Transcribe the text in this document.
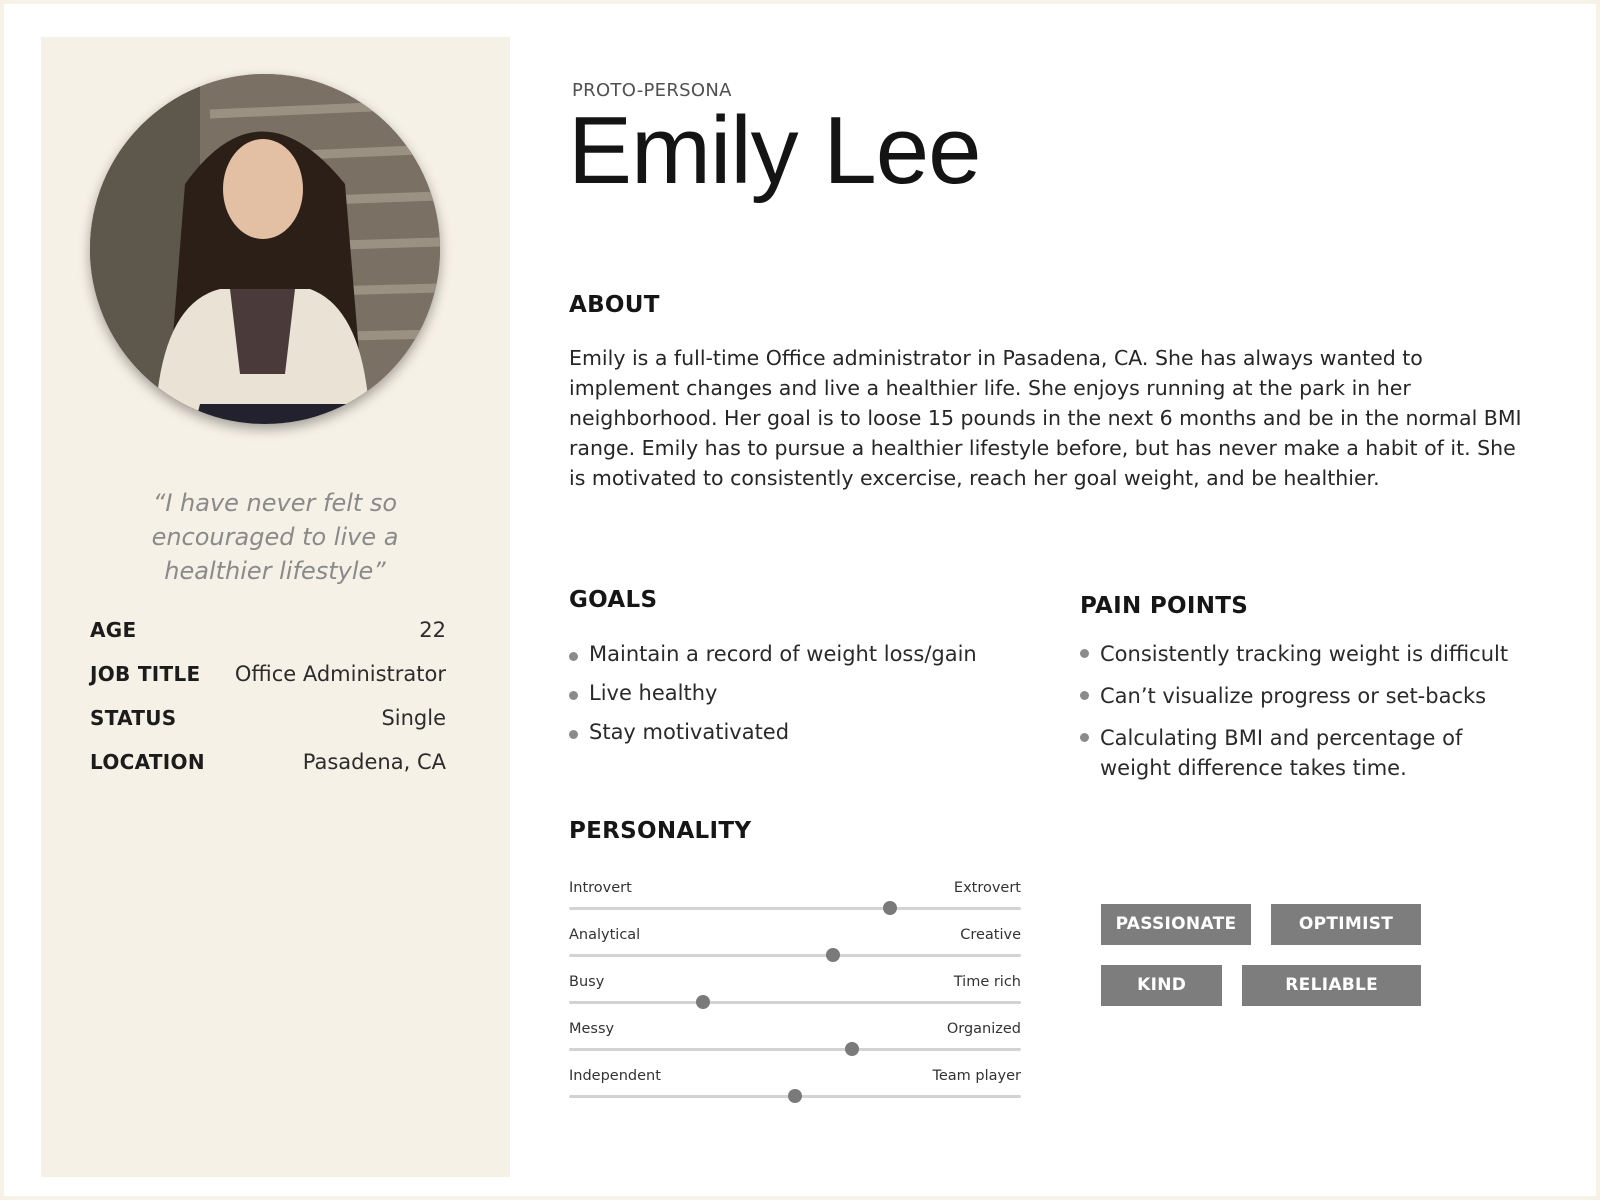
“I have never felt so encouraged to live a healthier lifestyle”
AGE	22
JOB TITLE Office Administrator
STATUS	Single
LOCATION	Pasadena, CA
PROTO-PERSONA
Emily Lee
ABOUT
Emily is a full-time Office administrator in Pasadena, CA. She has always wanted to implement changes and live a healthier life. She enjoys running at the park in her neighborhood. Her goal is to loose 15 pounds in the next 6 months and be in the normal BMI range. Emily has to pursue a healthier lifestyle before, but has never make a habit of it. She is motivated to consistently excercise, reach her goal weight, and be healthier.
GOALS
Maintain a record of weight loss/gain
Live healthy
Stay motivativated
PAIN POINTS
Consistently tracking weight is difficult
Can’t visualize progress or set-backs
Calculating BMI and percentage of weight difference takes time.
PERSONALITY
Introvert	Extrovert
Analytical	Creative
Busy	Time rich
Messy	Organized
Independent	Team player
PASSIONATE	OPTIMIST
KIND	RELIABLE
